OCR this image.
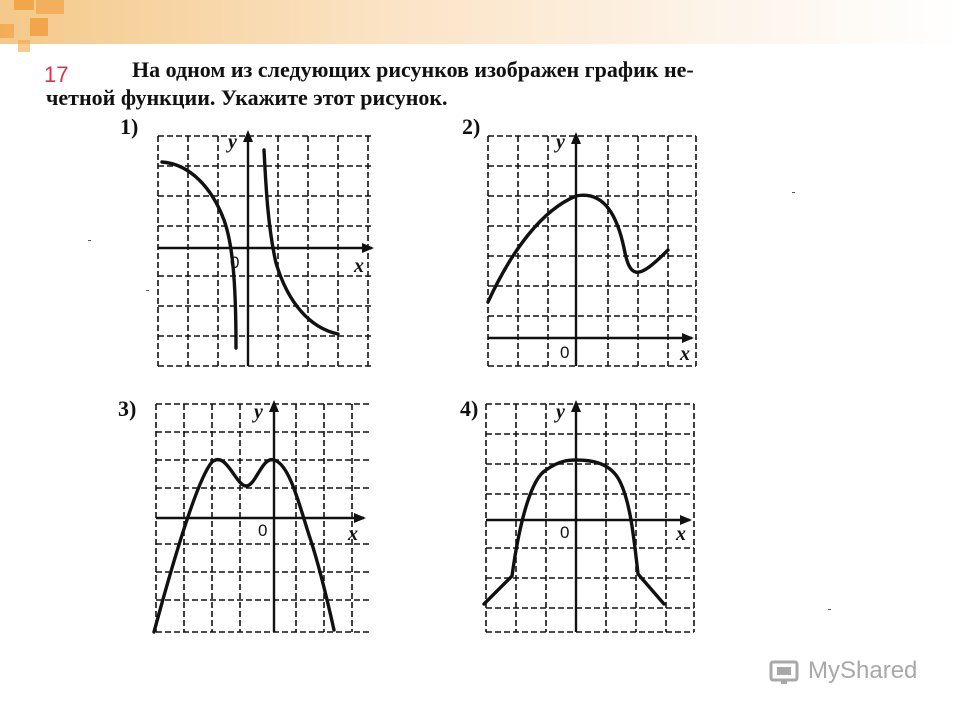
17	На одном из следующих рисунков изображен график не-
четной функции. Укажите этот рисунок.
1)
y
x
0
2)
y
x
0
3)	y
x
0
4)	y
x
0
MyShared
